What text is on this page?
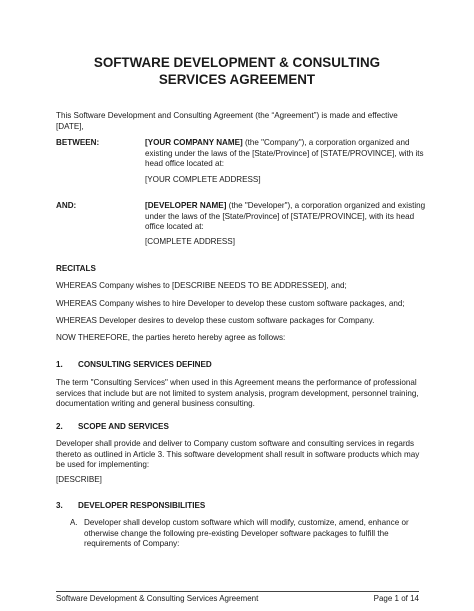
SOFTWARE DEVELOPMENT & CONSULTING
SERVICES AGREEMENT

This Software Development and Consulting Agreement (the “Agreement”) is made and effective [DATE],

BETWEEN:	[YOUR COMPANY NAME] (the "Company"), a corporation organized and existing under the laws of the [State/Province] of [STATE/PROVINCE], with its head office located at:
[YOUR COMPLETE ADDRESS]
AND:	[DEVELOPER NAME] (the "Developer"), a corporation organized and existing under the laws of the [State/Province] of [STATE/PROVINCE], with its head office located at:
[COMPLETE ADDRESS]
RECITALS

WHEREAS Company wishes to [DESCRIBE NEEDS TO BE ADDRESSED], and;

WHEREAS Company wishes to hire Developer to develop these custom software packages, and;

WHEREAS Developer desires to develop these custom software packages for Company.

NOW THEREFORE, the parties hereto hereby agree as follows:

1. CONSULTING SERVICES DEFINED

The term "Consulting Services" when used in this Agreement means the performance of professional services that include but are not limited to system analysis, program development, personnel training, documentation writing and general business consulting.

2. SCOPE AND SERVICES

Developer shall provide and deliver to Company custom software and consulting services in regards thereto as outlined in Article 3. This software development shall result in software products which may be used for implementing:

[DESCRIBE]

3. DEVELOPER RESPONSIBILITIES
A. Developer shall develop custom software which will modify, customize, amend, enhance or otherwise change the following pre-existing Developer software packages to fulfill the requirements of Company:
Software Development & Consulting Services Agreement	Page 1 of 14
